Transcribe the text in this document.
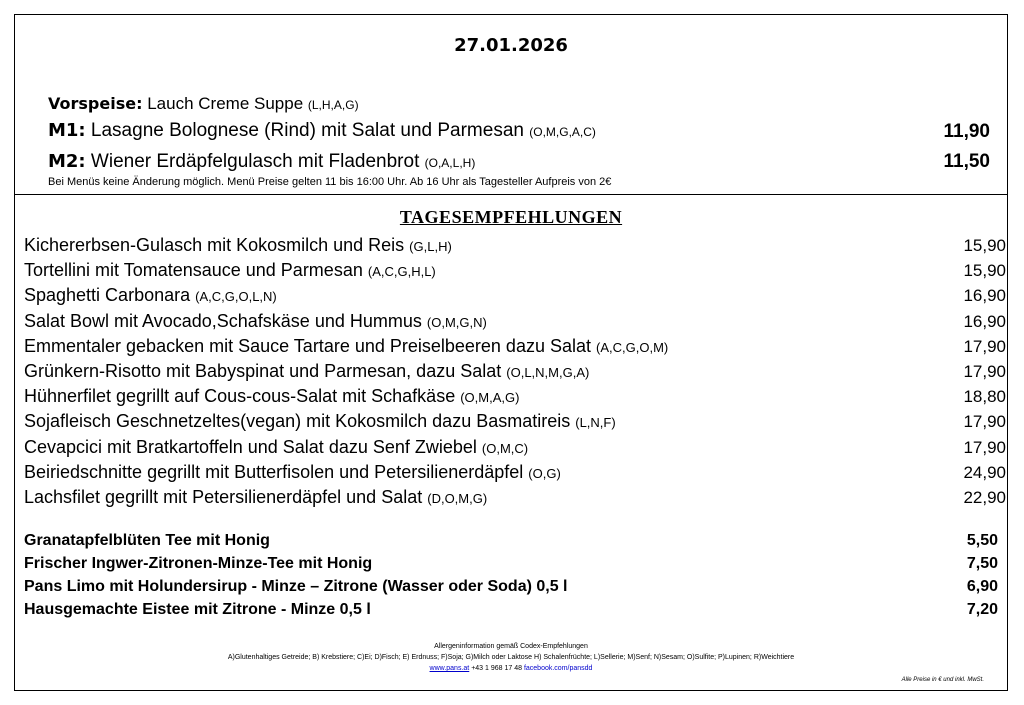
27.01.2026
Vorspeise: Lauch Creme Suppe (L,H,A,G)
M1: Lasagne Bolognese (Rind) mit Salat und Parmesan (O,M,G,A,C)	11,90
M2: Wiener Erdäpfelgulasch mit Fladenbrot (O,A,L,H)	11,50
Bei Menüs keine Änderung möglich. Menü Preise gelten 11 bis 16:00 Uhr. Ab 16 Uhr als Tagesteller Aufpreis von 2€
TAGESEMPFEHLUNGEN
Kichererbsen-Gulasch mit Kokosmilch und Reis (G,L,H)	15,90
Tortellini mit Tomatensauce und Parmesan (A,C,G,H,L)	15,90
Spaghetti Carbonara (A,C,G,O,L,N)	16,90
Salat Bowl mit Avocado,Schafskäse und Hummus (O,M,G,N)	16,90
Emmentaler gebacken mit Sauce Tartare und Preiselbeeren dazu Salat (A,C,G,O,M)	17,90
Grünkern-Risotto mit Babyspinat und Parmesan, dazu Salat (O,L,N,M,G,A)	17,90
Hühnerfilet gegrillt auf Cous-cous-Salat mit Schafkäse (O,M,A,G)	18,80
Sojafleisch Geschnetzeltes(vegan) mit Kokosmilch dazu Basmatireis (L,N,F)	17,90
Cevapcici mit Bratkartoffeln und Salat dazu Senf Zwiebel (O,M,C)	17,90
Beiriedschnitte gegrillt mit Butterfisolen und Petersilienerdäpfel (O,G)	24,90
Lachsfilet gegrillt mit Petersilienerdäpfel und Salat (D,O,M,G)	22,90
Granatapfelblüten Tee mit Honig	5,50
Frischer Ingwer-Zitronen-Minze-Tee mit Honig	7,50
Pans Limo mit Holundersirup - Minze – Zitrone (Wasser oder Soda) 0,5 l	6,90
Hausgemachte Eistee mit Zitrone - Minze 0,5 l	7,20
Allergeninformation gemäß Codex-Empfehlungen
A)Glutenhaltiges Getreide; B) Krebstiere; C)Ei; D)Fisch; E) Erdnuss; F)Soja; G)Milch oder Laktose H) Schalenfrüchte; L)Sellerie; M)Senf; N)Sesam; O)Sulfite; P)Lupinen; R)Weichtiere
www.pans.at +43 1 968 17 48 facebook.com/pansdd
Alle Preise in € und inkl. MwSt.
